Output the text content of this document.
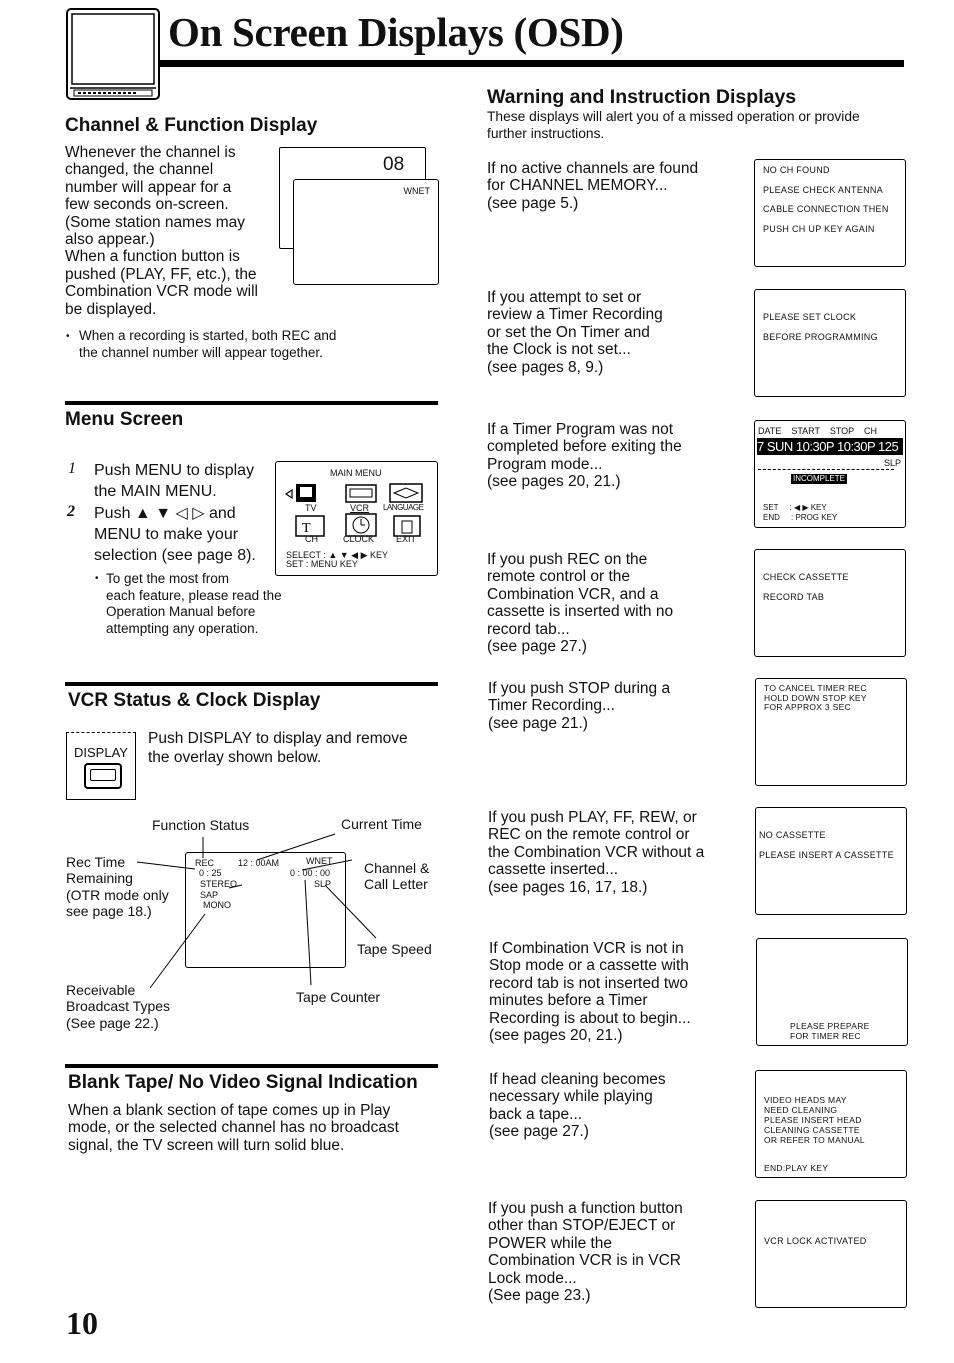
On Screen Displays (OSD)
Channel & Function Display
Whenever the channel is
changed, the channel
number will appear for a
few seconds on-screen.
(Some station names may
also appear.)
When a function button is
pushed (PLAY, FF, etc.), the
Combination VCR mode will
be displayed.
08
WNET
• When a recording is started, both REC and
the channel number will appear together.
Menu Screen
1 Push MENU to display
the MAIN MENU.
2 Push ▲ ▼ ◁ ▷ and
MENU to make your
selection (see page 8).
• To get the most from
each feature, please read the
Operation Manual before
attempting any operation.
MAIN MENU
T
TV	VCR LANGUAGE
CH	CLOCK EXIT
SELECT : ▲ ▼ ◀ ▶ KEY
SET : MENU KEY
VCR Status & Clock Display
DISPLAY
Push DISPLAY to display and remove
the overlay shown below.
Function Status	Current Time
Rec Time
Remaining
(OTR mode only
see page 18.)
Channel &
Call Letter
Tape Speed
Receivable
Broadcast Types
(See page 22.)
Tape Counter
REC	12 : 00AM	WNET
0 : 25	0 : 00 : 00
STEREO	SLP
SAP
MONO
Blank Tape/ No Video Signal Indication
When a blank section of tape comes up in Play
mode, or the selected channel has no broadcast
signal, the TV screen will turn solid blue.
10
Warning and Instruction Displays
These displays will alert you of a missed operation or provide
further instructions.
If no active channels are found
for CHANNEL MEMORY...
(see page 5.)
NO CH FOUND
PLEASE CHECK ANTENNA
CABLE CONNECTION THEN
PUSH CH UP KEY AGAIN
If you attempt to set or
review a Timer Recording
or set the On Timer and
the Clock is not set...
(see pages 8, 9.)
PLEASE SET CLOCK
BEFORE PROGRAMMING
If a Timer Program was not
completed before exiting the
Program mode...
(see pages 20, 21.)
DATE    START    STOP    CH
7 SUN 10:30P 10:30P 125
SLP
INCOMPLETE
SET     : ◀ ▶ KEY
END     : PROG KEY
If you push REC on the
remote control or the
Combination VCR, and a
cassette is inserted with no
record tab...
(see page 27.)
CHECK CASSETTE
RECORD TAB
If you push STOP during a
Timer Recording...
(see page 21.)
TO CANCEL TIMER REC
HOLD DOWN STOP KEY
FOR APPROX 3 SEC
If you push PLAY, FF, REW, or
REC on the remote control or
the Combination VCR without a
cassette inserted...
(see pages 16, 17, 18.)
NO CASSETTE
PLEASE INSERT A CASSETTE
If Combination VCR is not in
Stop mode or a cassette with
record tab is not inserted two
minutes before a Timer
Recording is about to begin...
(see pages 20, 21.)
PLEASE PREPARE
FOR TIMER REC
If head cleaning becomes
necessary while playing
back a tape...
(see page 27.)
VIDEO HEADS MAY
NEED CLEANING
PLEASE INSERT HEAD
CLEANING CASSETTE
OR REFER TO MANUAL
END:PLAY KEY
If you push a function button
other than STOP/EJECT or
POWER while the
Combination VCR is in VCR
Lock mode...
(See page 23.)
VCR LOCK ACTIVATED
